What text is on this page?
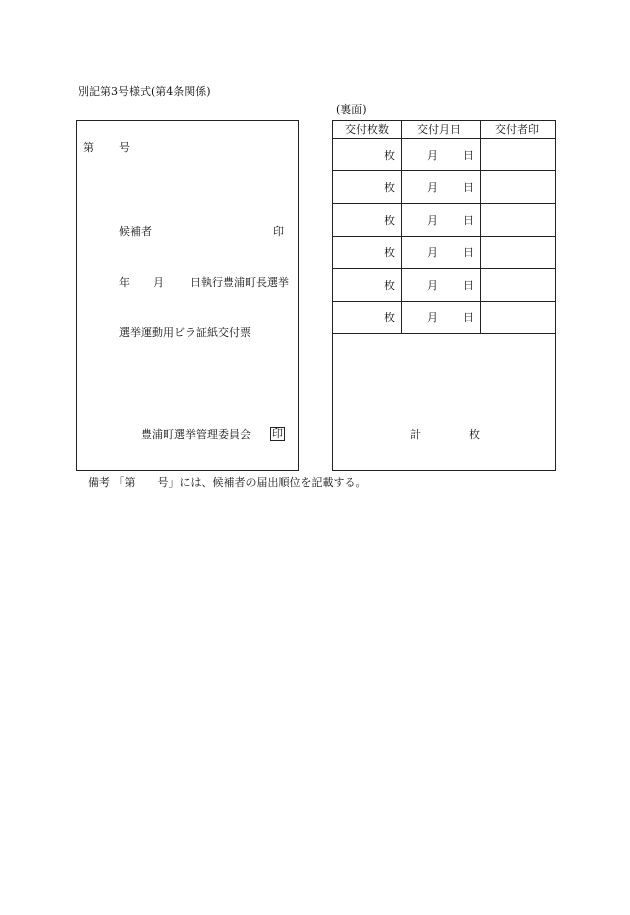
別記第3号様式(第4条関係)
第 号
候補者	印
年 月 日執行豊浦町長選挙
選挙運動用ビラ証紙交付票
豊浦町選挙管理委員会 印
(裏面)
交付枚数	交付月日	交付者印
枚	月 日
枚	月 日
枚	月 日
枚	月 日
枚	月 日
枚	月 日
計	枚
備考 「第　　号」には、候補者の届出順位を記載する。
